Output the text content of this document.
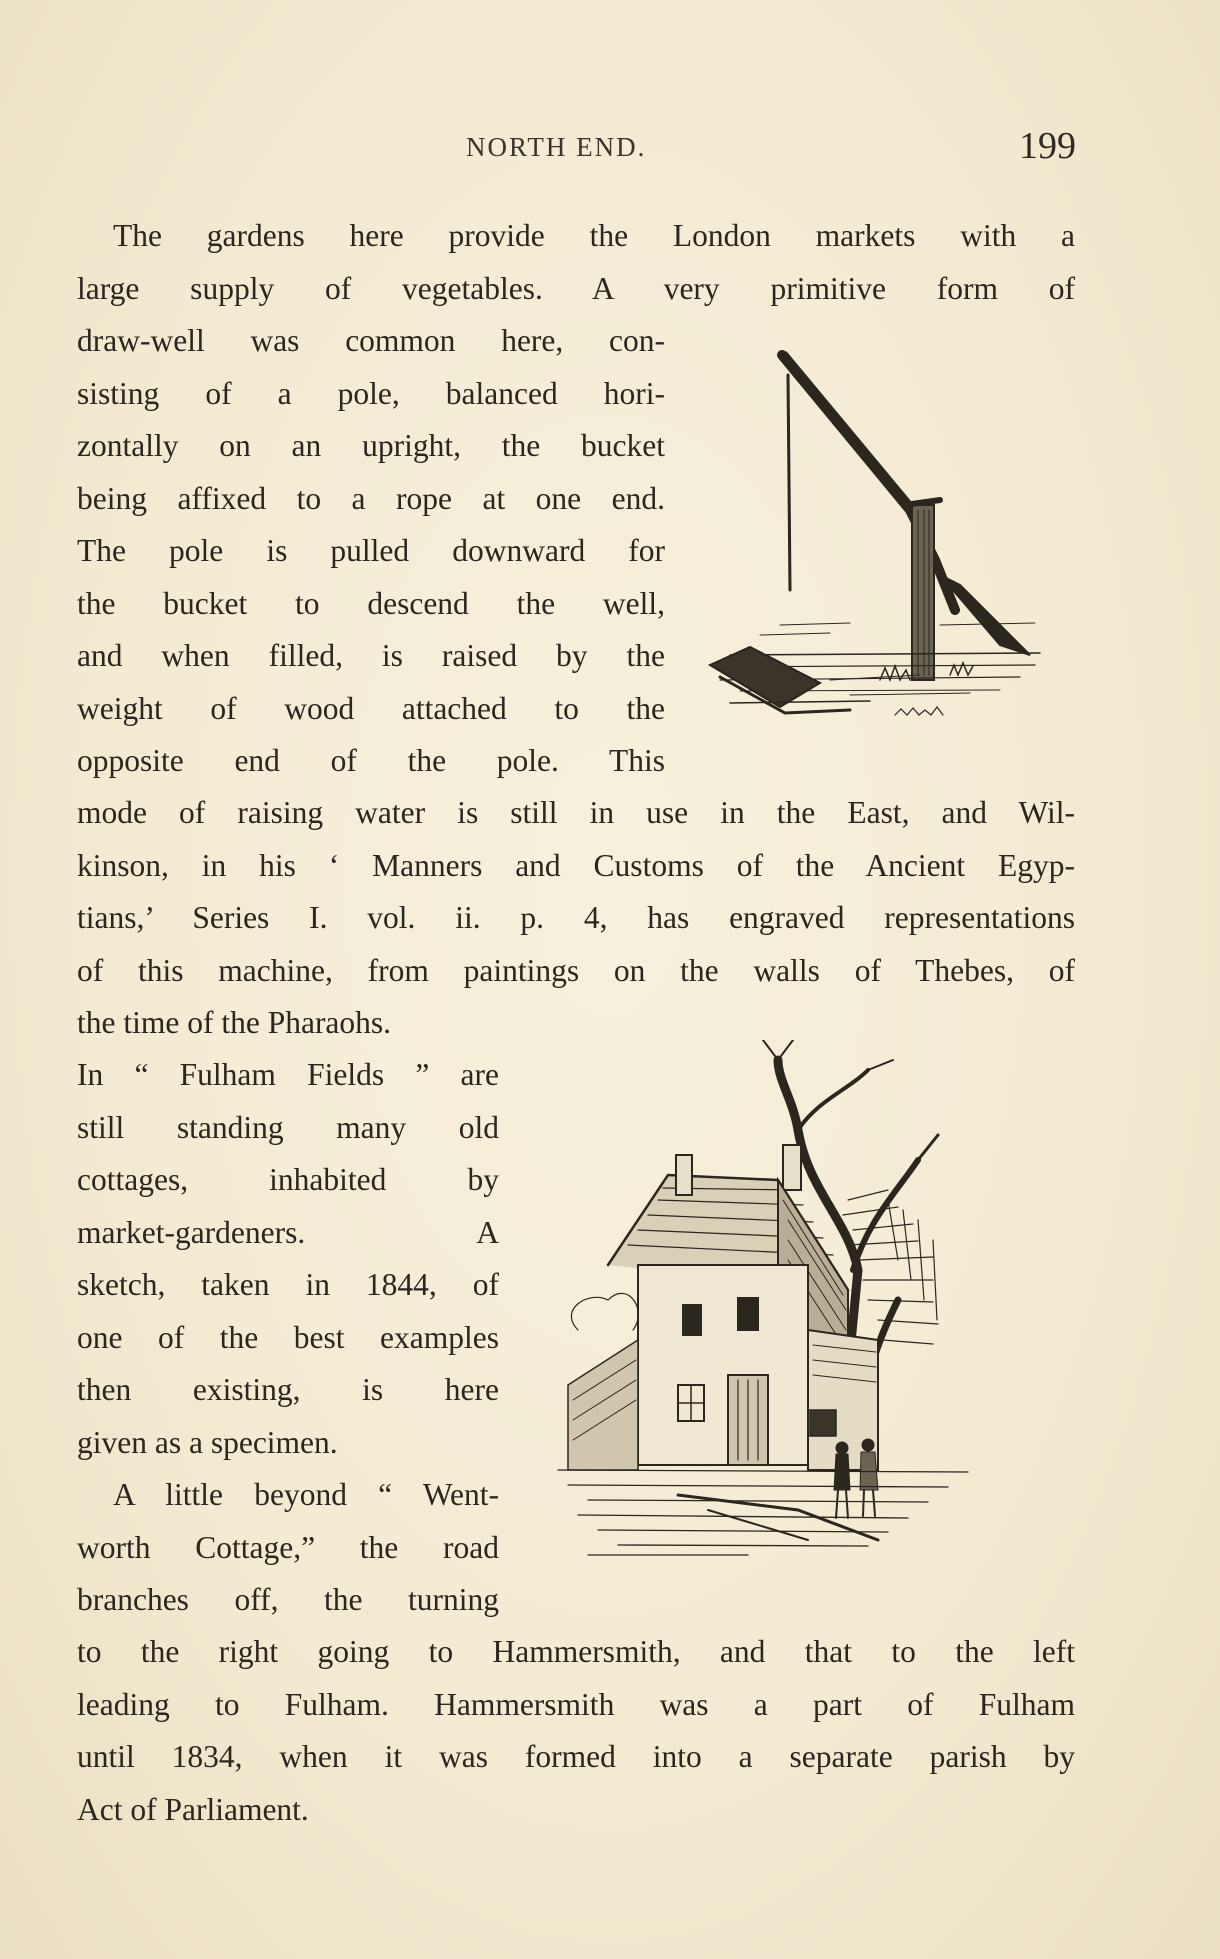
NORTH END.	199
The gardens here provide the London markets with a
large supply of vegetables. A very primitive form of
draw-well was common here, con-
sisting of a pole, balanced hori-
zontally on an upright, the bucket
being affixed to a rope at one end.
The pole is pulled downward for
the bucket to descend the well,
and when filled, is raised by the
weight of wood attached to the
opposite end of the pole. This
mode of raising water is still in use in the East, and Wil-
kinson, in his ‘ Manners and Customs of the Ancient Egyp-
tians,’ Series I. vol. ii. p. 4, has engraved representations
of this machine, from paintings on the walls of Thebes, of
the time of the Pharaohs.
In “ Fulham Fields ” are
still standing many old
cottages, inhabited by
market-gardeners. A
sketch, taken in 1844, of
one of the best examples
then existing, is here
given as a specimen.
A little beyond “ Went-
worth Cottage,” the road
branches off, the turning
to the right going to Hammersmith, and that to the left
leading to Fulham. Hammersmith was a part of Fulham
until 1834, when it was formed into a separate parish by
Act of Parliament.
